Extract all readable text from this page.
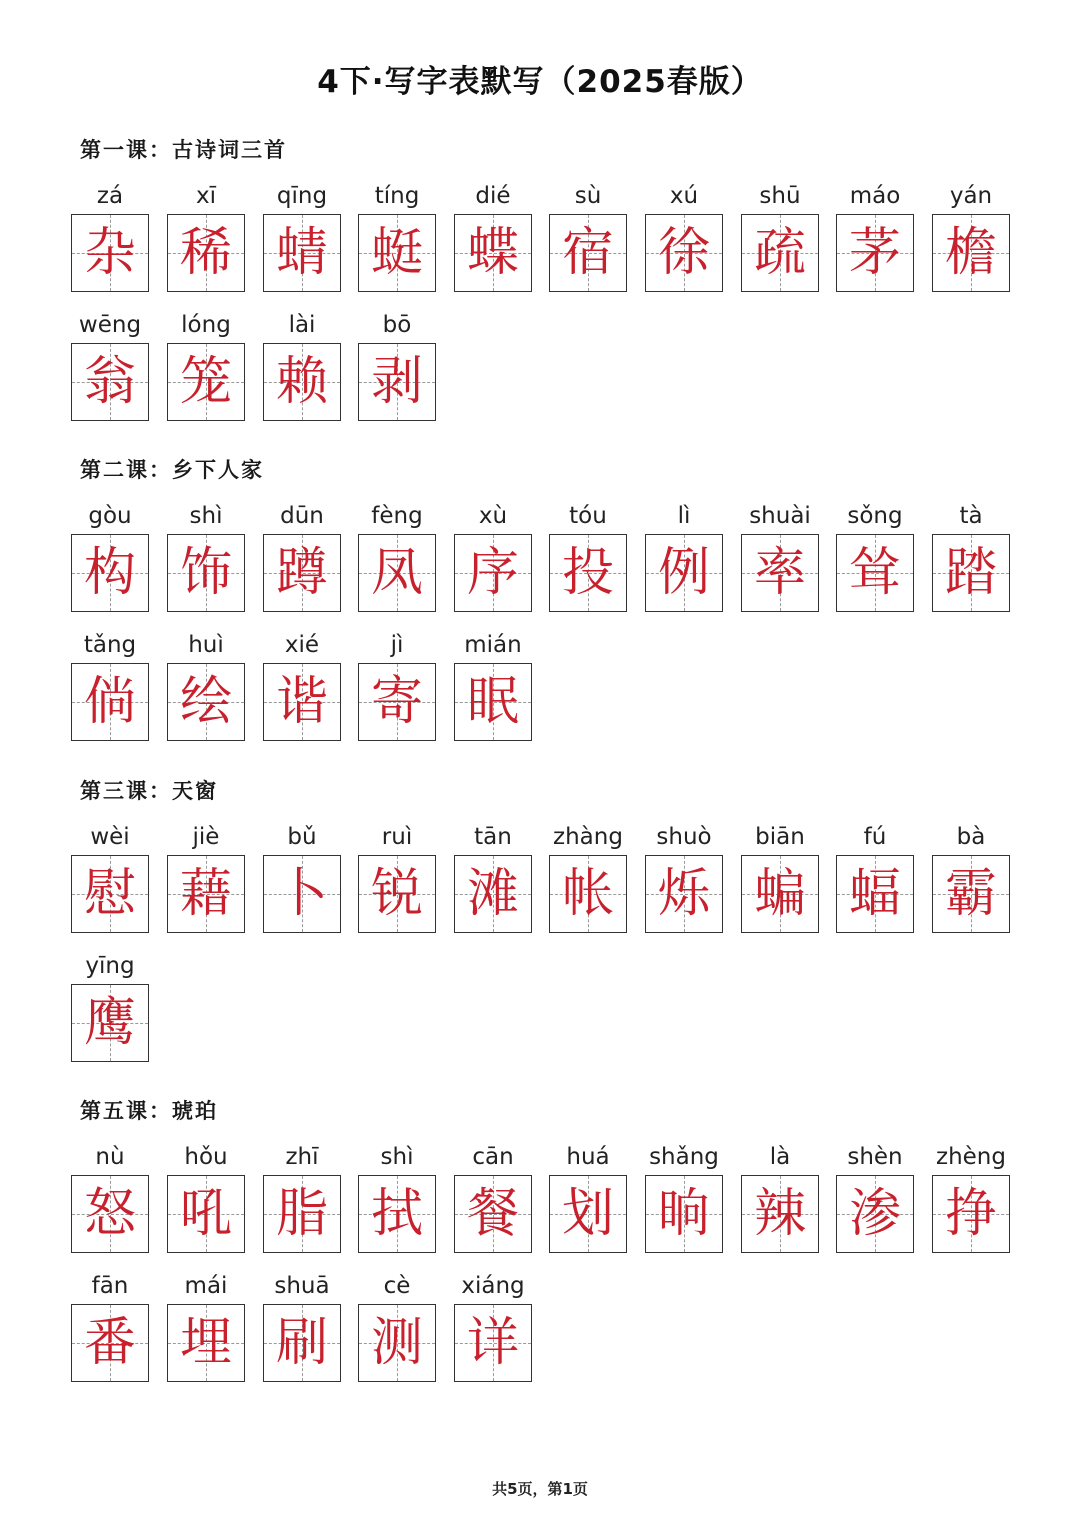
4下·写字表默写（2025春版）
第一课：古诗词三首
zá
杂
xī
稀
qīng
蜻
tíng
蜓
dié
蝶
sù
宿
xú
徐
shū
疏
máo
茅
yán
檐
wēng
翁
lóng
笼
lài
赖
bō
剥
第二课：乡下人家
gòu
构
shì
饰
dūn
蹲
fèng
凤
xù
序
tóu
投
lì
例
shuài
率
sǒng
耸
tà
踏
tǎng
倘
huì
绘
xié
谐
jì
寄
mián
眠
第三课：天窗
wèi
慰
jiè
藉
bǔ
卜
ruì
锐
tān
滩
zhàng
帐
shuò
烁
biān
蝙
fú
蝠
bà
霸
yīng
鹰
第五课：琥珀
nù
怒
hǒu
吼
zhī
脂
shì
拭
cān
餐
huá
划
shǎng
晌
là
辣
shèn
渗
zhèng
挣
fān
番
mái
埋
shuā
刷
cè
测
xiáng
详
共5页，第1页
